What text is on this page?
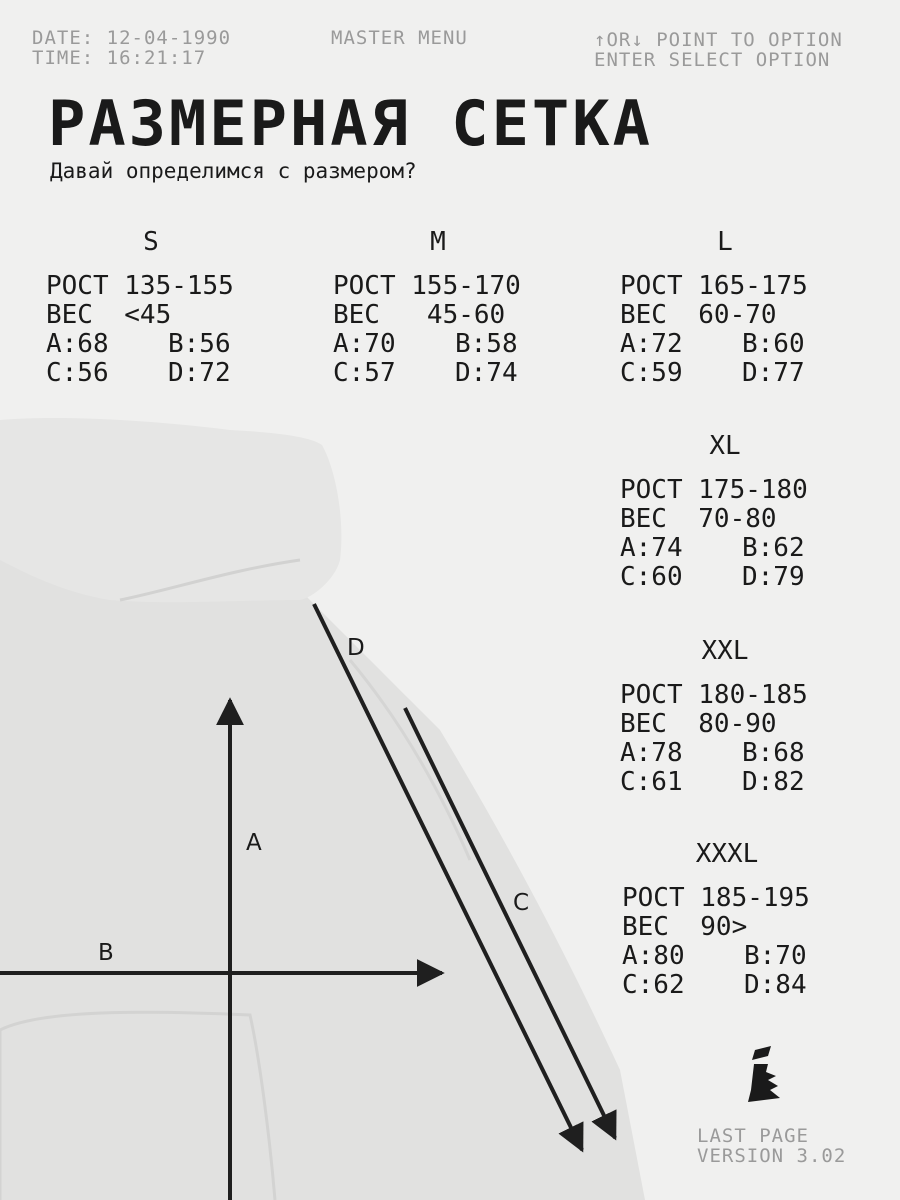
DATE: 12-04-1990
TIME: 16:21:17
MASTER MENU	↑OR↓ POINT TO OPTION
ENTER SELECT OPTION
РАЗМЕРНАЯ СЕТКА
Давай определимся с размером?
S
РОСТ 135-155
ВЕС  <45
A:68 B:56
C:56 D:72
M
РОСТ 155-170
ВЕС   45-60
A:70 B:58
C:57 D:74
L
РОСТ 165-175
ВЕС  60-70
A:72 B:60
C:59 D:77
XL
РОСТ 175-180
ВЕС  70-80
A:74 B:62
C:60 D:79
XXL
РОСТ 180-185
ВЕС  80-90
A:78 B:68
C:61 D:82
XXXL
РОСТ 185-195
ВЕС  90>
A:80 B:70
C:62 D:84
A
B
C
D
LAST PAGE
VERSION 3.02
